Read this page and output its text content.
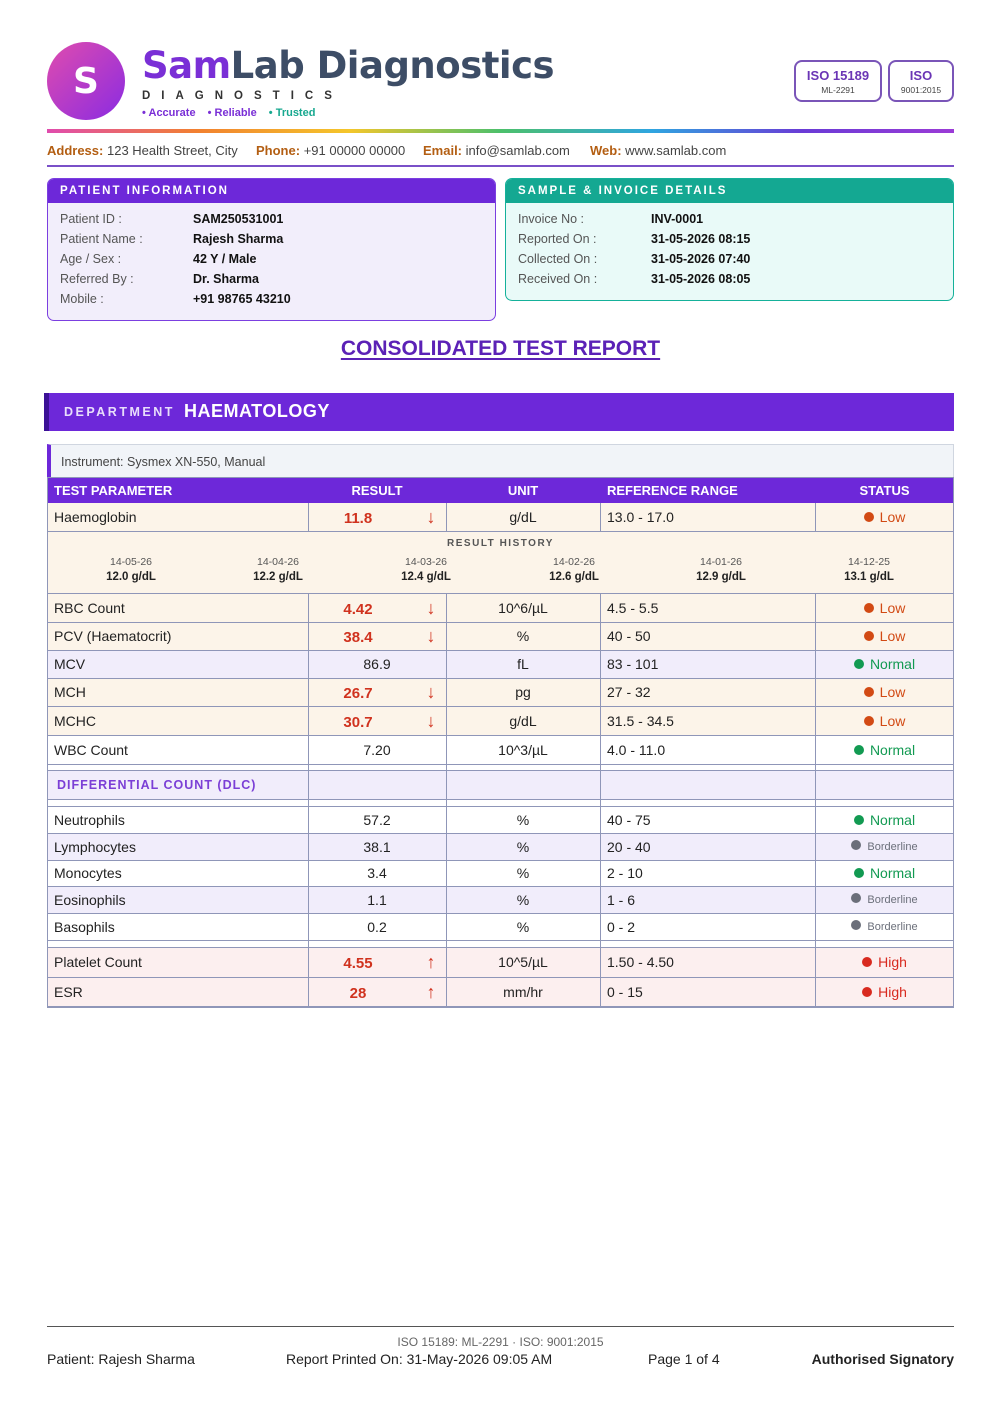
S SamLab Diagnostics
DIAGNOSTICS
• Accurate • Reliable • Trusted
ISO 15189
ML-2291
ISO
9001:2015
Address: 123 Health Street, City Phone: +91 00000 00000 Email: info@samlab.com Web: www.samlab.com
PATIENT INFORMATION	SAMPLE & INVOICE DETAILS
Patient ID :	SAM250531001
Patient Name :	Rajesh Sharma
Age / Sex :	42 Y / Male
Referred By :	Dr. Sharma
Mobile :	+91 98765 43210
Invoice No :	INV-0001
Reported On :	31-05-2026 08:15
Collected On :	31-05-2026 07:40
Received On :	31-05-2026 08:05
CONSOLIDATED TEST REPORT
DEPARTMENT HAEMATOLOGY
Instrument: Sysmex XN-550, Manual
TEST PARAMETER	RESULT	UNIT	REFERENCE RANGE	STATUS
Haemoglobin	11.8	↓	g/dL	13.0 - 17.0	Low
RESULT HISTORY
14-05-26
12.0 g/dL
14-04-26
12.2 g/dL
14-03-26
12.4 g/dL
14-02-26
12.6 g/dL
14-01-26
12.9 g/dL
14-12-25
13.1 g/dL
RBC Count	4.42	↓	10^6/µL	4.5 - 5.5	Low
PCV (Haematocrit)	38.4	↓	%	40 - 50	Low
MCV	86.9	fL	83 - 101	Normal
MCH	26.7	↓	pg	27 - 32	Low
MCHC	30.7	↓	g/dL	31.5 - 34.5	Low
WBC Count	7.20	10^3/µL	4.0 - 11.0	Normal
DIFFERENTIAL COUNT (DLC)
Neutrophils	57.2	%	40 - 75	Normal
Lymphocytes	38.1	%	20 - 40	Borderline
Monocytes	3.4	%	2 - 10	Normal
Eosinophils	1.1	%	1 - 6	Borderline
Basophils	0.2	%	0 - 2	Borderline
Platelet Count	4.55	↑	10^5/µL	1.50 - 4.50	High
ESR	28	↑	mm/hr	0 - 15	High
ISO 15189: ML-2291 · ISO: 9001:2015
Patient: Rajesh Sharma	Report Printed On: 31-May-2026 09:05 AM	Page 1 of 4	Authorised Signatory
